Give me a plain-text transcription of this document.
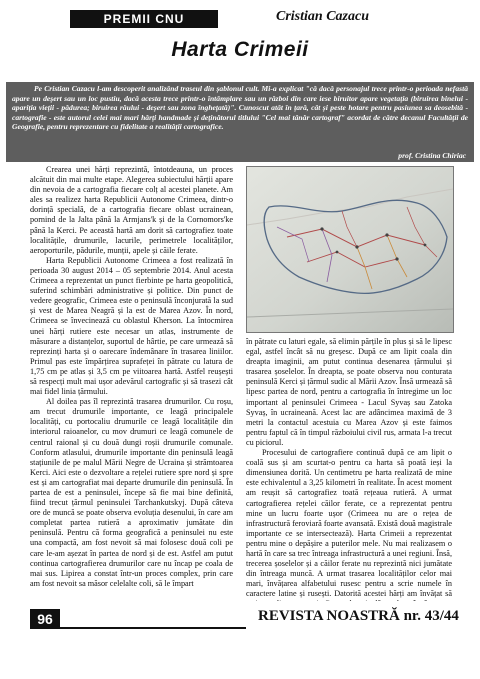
PREMII CNU	Cristian Cazacu
Harta Crimeii

Pe Cristian Cazacu l-am descoperit analizând traseul din șablonul cult. Mi-a explicat "că dacă personajul trece printr-o perioada nefastă apare un deșert sau un loc pustiu, dacă acesta trece printr-o întâmplare sau un război din care iese biruitor apare vegetația (biruirea binelui - apariția vieții - pădurea; biruirea răului - deșert sau zona înghețată)". Cunoscut atât în țară, cât și peste hotare pentru pasiunea sa deosebită - cartografie - este autorul celei mai mari hărți handmade și deținătorul titlului "Cel mai tânăr cartograf" acordat de către decanul Facultății de Geografie, pentru reprezentare cu fidelitate a realității cartografice.

prof. Cristina Chiriac

Crearea unei hărți reprezintă, întotdeauna, un proces alcătuit din mai multe etape. Alegerea subiectului hărții apare din nevoia de a cartografia fiecare colț al acestei planete. Am ales sa realizez harta Republicii Autonome Crimeea, dintr-o dorință specială, de a cartografia fiecare oblast ucrainean, pornind de la Jalta până la Armjans'k și de la Cornomors'ke până la Kerci. Pe această hartă am dorit să cartografiez toate localitățile, drumurile, lacurile, perimetrele localităților, aeroporturile, pădurile, munții, apele și căile ferate.

Harta Republicii Autonome Crimeea a fost realizată în perioada 30 august 2014 – 05 septembrie 2014. Anul acesta Crimeea a reprezentat un punct fierbinte pe harta geopolitică, suferind schimbări administrative și politice. Din punct de vedere geografic, Crimeea este o peninsulă înconjurată la sud și vest de Marea Neagră și la est de Marea Azov. În nord, Crimeea se învecinează cu oblastul Kherson. La întocmirea unei hărți rutiere este necesar un atlas, instrumente de măsurare a distanțelor, suportul de hârtie, pe care urmează să reprezinți harta și o oarecare îndemânare în trasarea liniilor. Primul pas este împărțirea suprafeței în pătrate cu latura de 1,75 cm pe atlas și 3,5 cm pe viitoarea hartă. Astfel reușești să respecți mult mai ușor adevărul cartografic și să trasezi cât mai fidel linia țărmului.

Al doilea pas îl reprezintă trasarea drumurilor. Cu roșu, am trecut drumurile importante, ce leagă principalele localități, cu portocaliu drumurile ce leagă localitățile din interiorul raioanelor, cu mov drumuri ce leagă comunele de centrul raional și cu două dungi roșii drumurile comunale. Conform atlasului, drumurile importante din peninsulă leagă stațiunile de pe malul Mării Negre de Ucraina și strămtoarea Kerci. Aici este o dezvoltare a rețelei rutiere spre nord și spre est și am cartografiat mai departe drumurile din peninsulă. În partea de est a peninsulei, începe să fie mai bine definită, fiind trecut țărmul peninsulei Tarchankutskyj. După câteva ore de muncă se poate observa evoluția desenului, în care am completat partea rutieră a aproximativ jumătate din peninsulă. Pentru că forma geografică a peninsulei nu este una compactă, am fost nevoit să mai folosesc două coli pe care le-am așezat în partea de nord și de est. Astfel am putut continua cartografierea drumurilor care nu încap pe coala de mai sus. Lipirea a constat într-un proces complex, prin care am fost nevoit sa măsor celelalte coli, să le împart

în pătrate cu laturi egale, să elimin părțile în plus și să le lipesc egal, astfel încât să nu greșesc. După ce am lipit coala din dreapta imaginii, am putut continua desenarea țărmului și trasarea șoselelor. În dreapta, se poate observa nou conturata peninsulă Kerci și țărmul sudic al Mării Azov. Însă urmează să lipesc partea de nord, pentru a cartografia în întregime un loc important al peninsulei Crimeea - Lacul Syvaș sau Zatoka Syvaș, în ucraineană. Acest lac are adâncimea maximă de 3 metri la contactul acestuia cu Marea Azov și este faimos pentru faptul că în timpul războiului civil rus, armata l-a trecut cu piciorul.

Procesului de cartografiere continuă după ce am lipit o coală sus și am scurtat-o pentru ca harta să poată ieși la dimensiunea dorită. Un centimetru pe harta realizată de mine este echivalentul a 3,25 kilometri în realitate. În acest moment am reușit să cartografiez toată rețeaua rutieră. A urmat cartografierea rețelei căilor ferate, ce a reprezentat pentru mine un lucru foarte ușor (Crimeea nu are o rețea de infrastructură feroviară foarte avansată. Există două magistrale importante ce se intersectează). Harta Crimeii a reprezentat pentru mine o depășire a puterilor mele. Nu mai realizasem o hartă în care sa trec întreaga infrastructură a unei regiuni. Însă, trecerea șoselelor și a căilor ferate nu reprezintă nici jumătate din întreaga muncă. A urmat trasarea localităților celor mai mari, învățarea alfabetului rusesc pentru a scrie numele în caractere latine și rusești. Datorită acestei hărți am învățat să

96	REVISTA NOASTRĂ nr. 43/44
